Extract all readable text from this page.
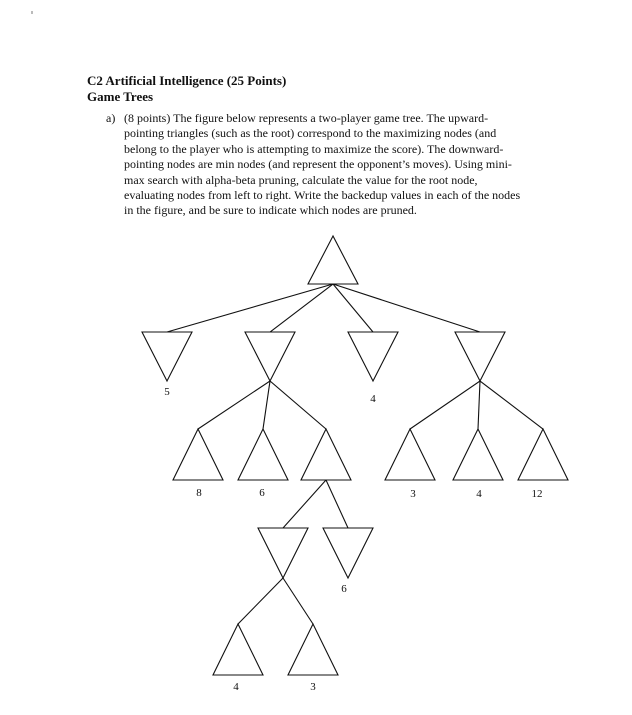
C2 Artificial Intelligence (25 Points)
Game Trees
a) (8 points) The figure below represents a two-player game tree. The upward-pointing triangles (such as the root) correspond to the maximizing nodes (and belong to the player who is attempting to maximize the score). The downward-pointing nodes are min nodes (and represent the opponent’s moves). Using mini-max search with alpha-beta pruning, calculate the value for the root node, evaluating nodes from left to right. Write the backedup values in each of the nodes in the figure, and be sure to indicate which nodes are pruned.
5
4
8	6
6
3	4	12
4	3
